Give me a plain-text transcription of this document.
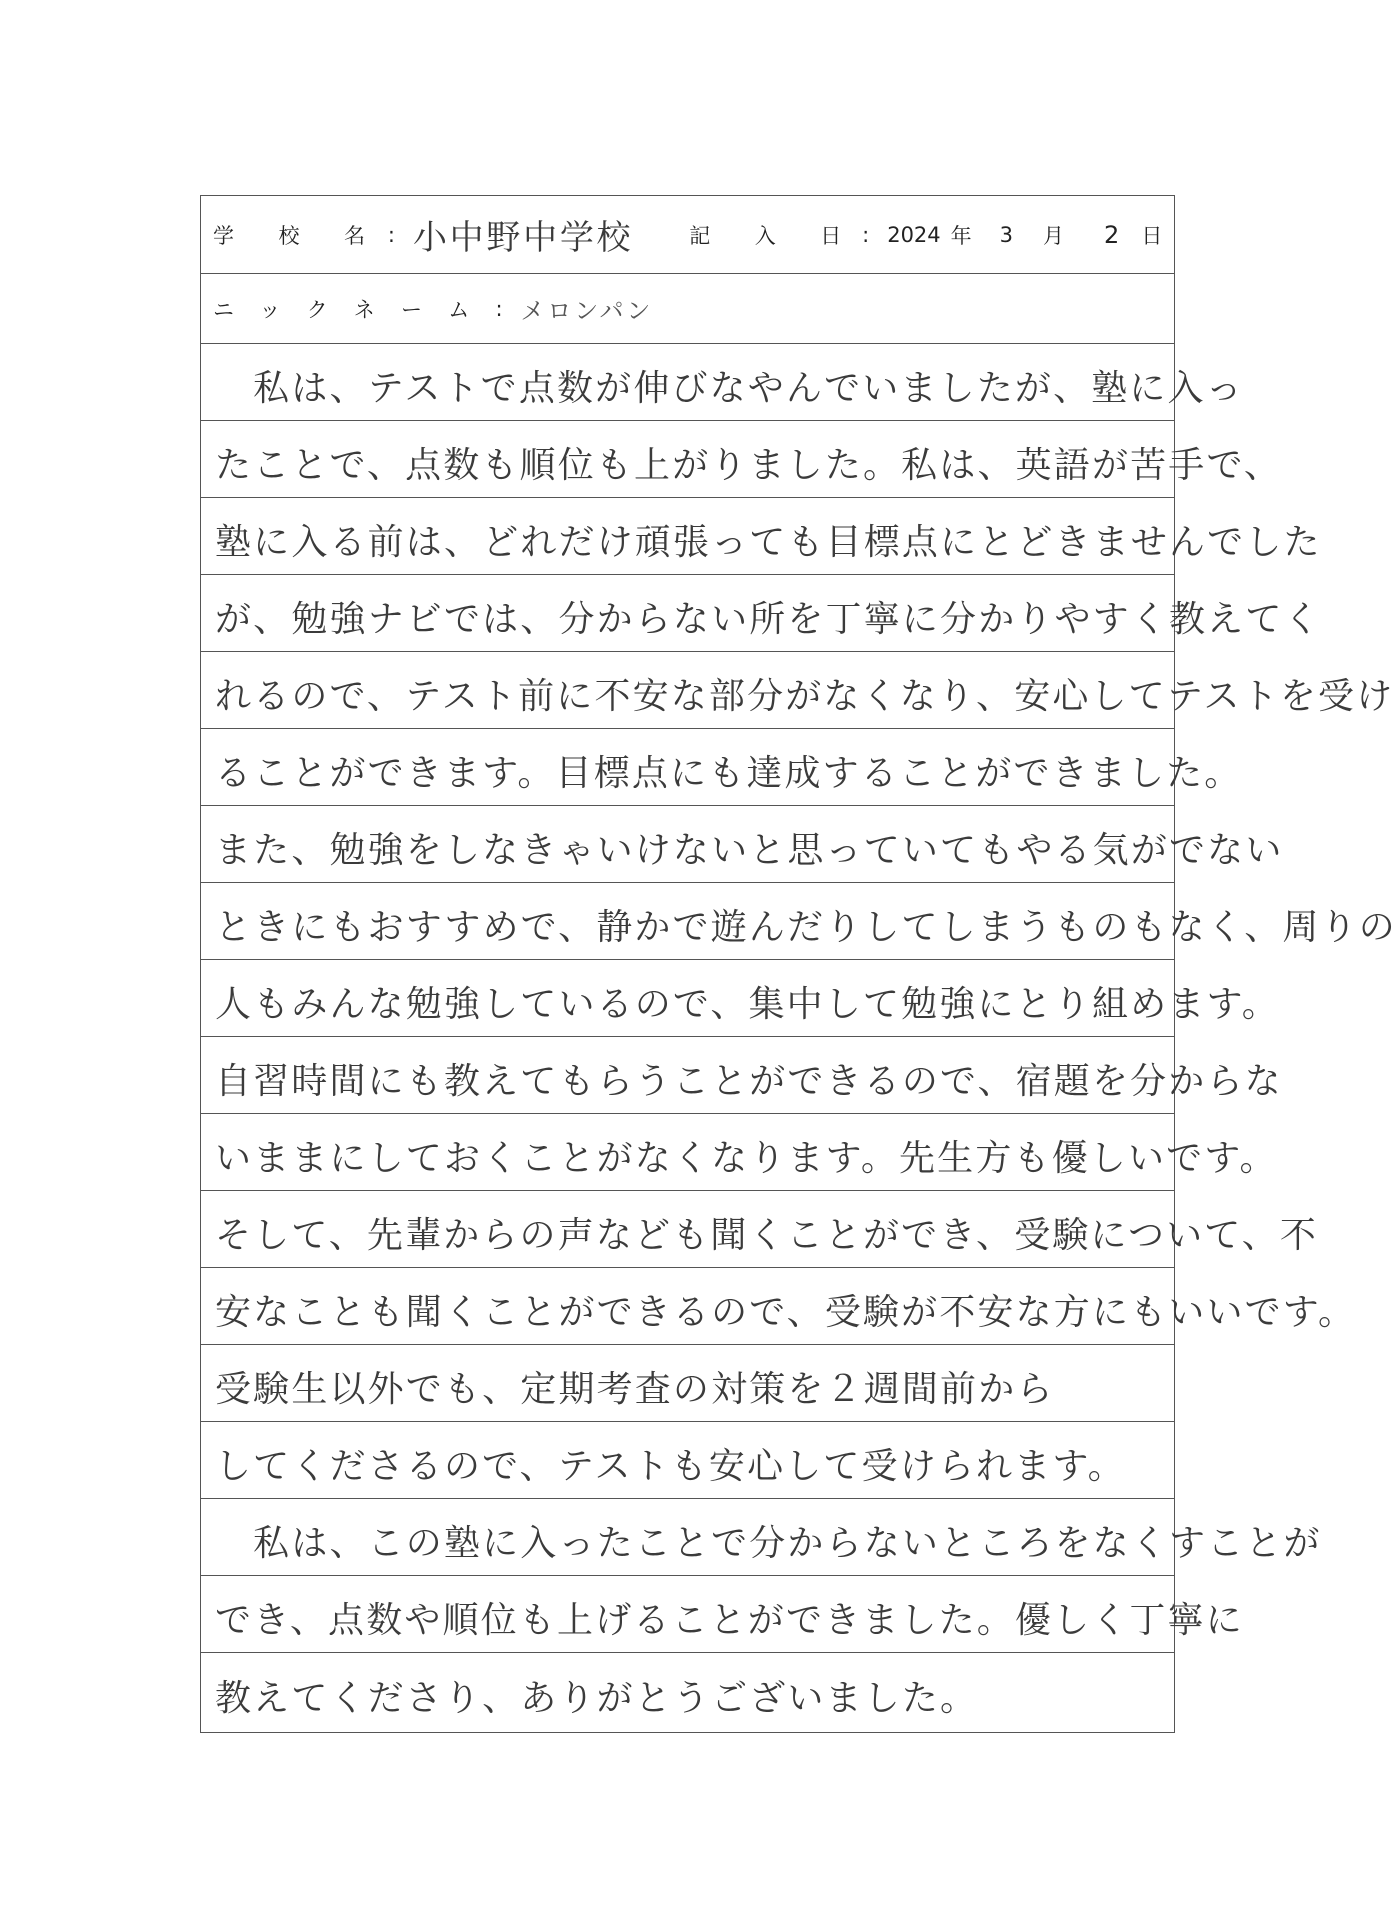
学 校 名 : 小中野中学校	記 入 日 : 2024 年 3 月 2 日
ニックネーム : メロンパン
　私は、テストで点数が伸びなやんでいましたが、塾に入っ
たことで、点数も順位も上がりました。私は、英語が苦手で、
塾に入る前は、どれだけ頑張っても目標点にとどきませんでした
が、勉強ナビでは、分からない所を丁寧に分かりやすく教えてく
れるので、テスト前に不安な部分がなくなり、安心してテストを受け
ることができます。目標点にも達成することができました。
また、勉強をしなきゃいけないと思っていてもやる気がでない
ときにもおすすめで、静かで遊んだりしてしまうものもなく、周りの
人もみんな勉強しているので、集中して勉強にとり組めます。
自習時間にも教えてもらうことができるので、宿題を分からな
いままにしておくことがなくなります。先生方も優しいです。
そして、先輩からの声なども聞くことができ、受験について、不
安なことも聞くことができるので、受験が不安な方にもいいです。
受験生以外でも、定期考査の対策を２週間前から
してくださるので、テストも安心して受けられます。
　私は、この塾に入ったことで分からないところをなくすことが
でき、点数や順位も上げることができました。優しく丁寧に
教えてくださり、ありがとうございました。
